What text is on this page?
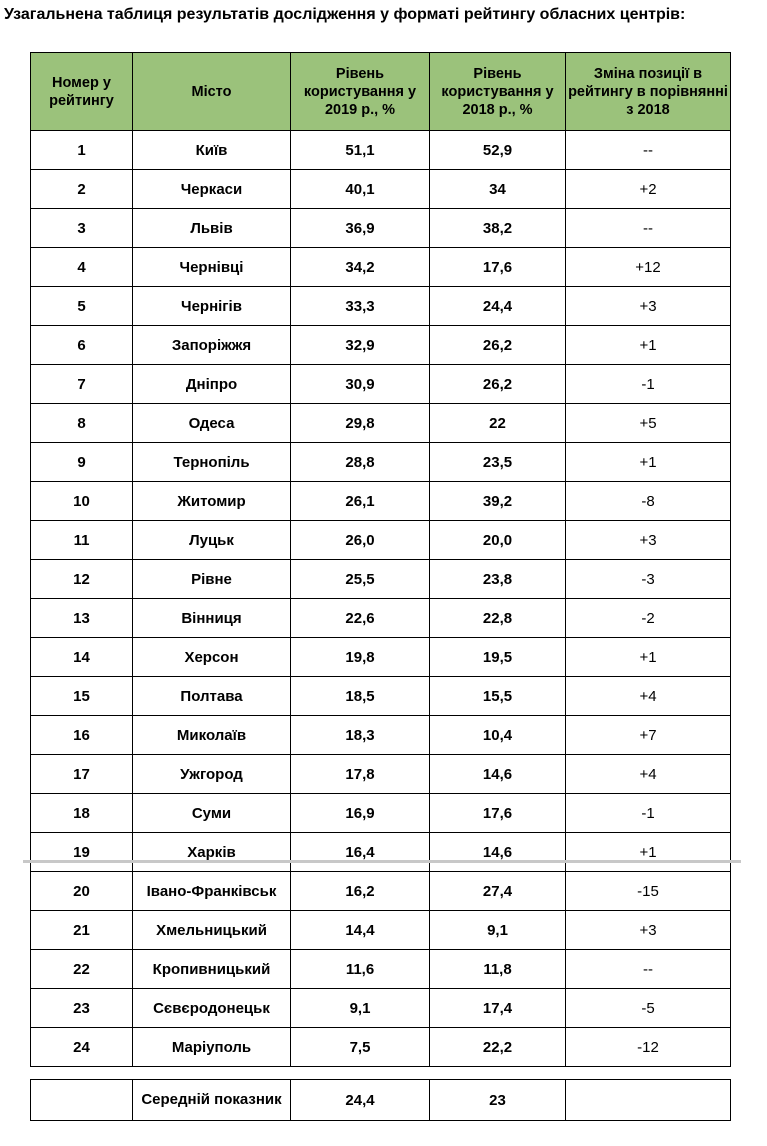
Узагальнена таблиця результатів дослідження у форматі рейтингу обласних центрів:
Номер у рейтингу	Місто	Рівень користування у 2019 р., %	Рівень користування у 2018 р., %	Зміна позиції в рейтингу в порівнянні з 2018
1	Київ	51,1	52,9	--
2	Черкаси	40,1	34	+2
3	Львів	36,9	38,2	--
4	Чернівці	34,2	17,6	+12
5	Чернігів	33,3	24,4	+3
6	Запоріжжя	32,9	26,2	+1
7	Дніпро	30,9	26,2	-1
8	Одеса	29,8	22	+5
9	Тернопіль	28,8	23,5	+1
10	Житомир	26,1	39,2	-8
11	Луцьк	26,0	20,0	+3
12	Рівне	25,5	23,8	-3
13	Вінниця	22,6	22,8	-2
14	Херсон	19,8	19,5	+1
15	Полтава	18,5	15,5	+4
16	Миколаїв	18,3	10,4	+7
17	Ужгород	17,8	14,6	+4
18	Суми	16,9	17,6	-1
19	Харків	16,4	14,6	+1
20	Івано-Франківськ	16,2	27,4	-15
21	Хмельницький	14,4	9,1	+3
22	Кропивницький	11,6	11,8	--
23	Сєвєродонецьк	9,1	17,4	-5
24	Маріуполь	7,5	22,2	-12
	Середній показник	24,4	23	
